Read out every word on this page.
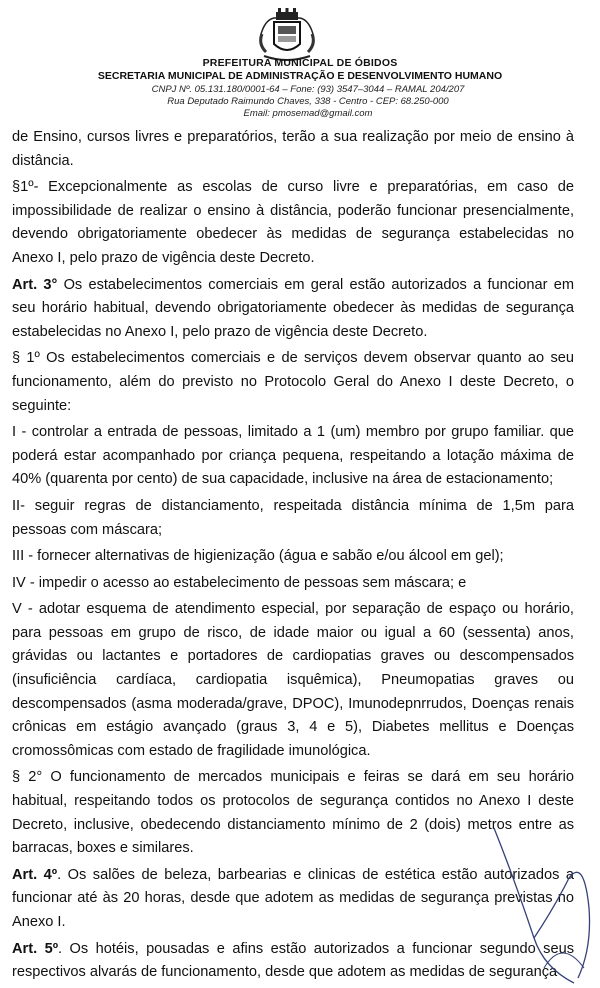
PREFEITURA MUNICIPAL DE ÓBIDOS
SECRETARIA MUNICIPAL DE ADMINISTRAÇÃO E DESENVOLVIMENTO HUMANO
CNPJ Nº. 05.131.180/0001-64 – Fone: (93) 3547–3044 – RAMAL 204/207
Rua Deputado Raimundo Chaves, 338 - Centro - CEP: 68.250-000
Email: pmosemad@gmail.com

de Ensino, cursos livres e preparatórios, terão a sua realização por meio de ensino à distância.

§1º- Excepcionalmente as escolas de curso livre e preparatórias, em caso de impossibilidade de realizar o ensino à distância, poderão funcionar presencialmente, devendo obrigatoriamente obedecer às medidas de segurança estabelecidas no Anexo I, pelo prazo de vigência deste Decreto.

Art. 3° Os estabelecimentos comerciais em geral estão autorizados a funcionar em seu horário habitual, devendo obrigatoriamente obedecer às medidas de segurança estabelecidas no Anexo I, pelo prazo de vigência deste Decreto.

§ 1º Os estabelecimentos comerciais e de serviços devem observar quanto ao seu funcionamento, além do previsto no Protocolo Geral do Anexo I deste Decreto, o seguinte:

I - controlar a entrada de pessoas, limitado a 1 (um) membro por grupo familiar. que poderá estar acompanhado por criança pequena, respeitando a lotação máxima de 40% (quarenta por cento) de sua capacidade, inclusive na área de estacionamento;

II- seguir regras de distanciamento, respeitada distância mínima de 1,5m para pessoas com máscara;

III - fornecer alternativas de higienização (água e sabão e/ou álcool em gel);

IV - impedir o acesso ao estabelecimento de pessoas sem máscara; e

V - adotar esquema de atendimento especial, por separação de espaço ou horário, para pessoas em grupo de risco, de idade maior ou igual a 60 (sessenta) anos, grávidas ou lactantes e portadores de cardiopatias graves ou descompensados (insuficiência cardíaca, cardiopatia isquêmica), Pneumopatias graves ou descompensados (asma moderada/grave, DPOC), Imunodepnrrudos, Doenças renais crônicas em estágio avançado (graus 3, 4 e 5), Diabetes mellitus e Doenças cromossômicas com estado de fragilidade imunológica.

§ 2° O funcionamento de mercados municipais e feiras se dará em seu horário habitual, respeitando todos os protocolos de segurança contidos no Anexo I deste Decreto, inclusive, obedecendo distanciamento mínimo de 2 (dois) metros entre as barracas, boxes e similares.

Art. 4º. Os salões de beleza, barbearias e clinicas de estética estão autorizados a funcionar até às 20 horas, desde que adotem as medidas de segurança previstas no Anexo I.

Art. 5º. Os hotéis, pousadas e afins estão autorizados a funcionar segundo seus respectivos alvarás de funcionamento, desde que adotem as medidas de segurança
